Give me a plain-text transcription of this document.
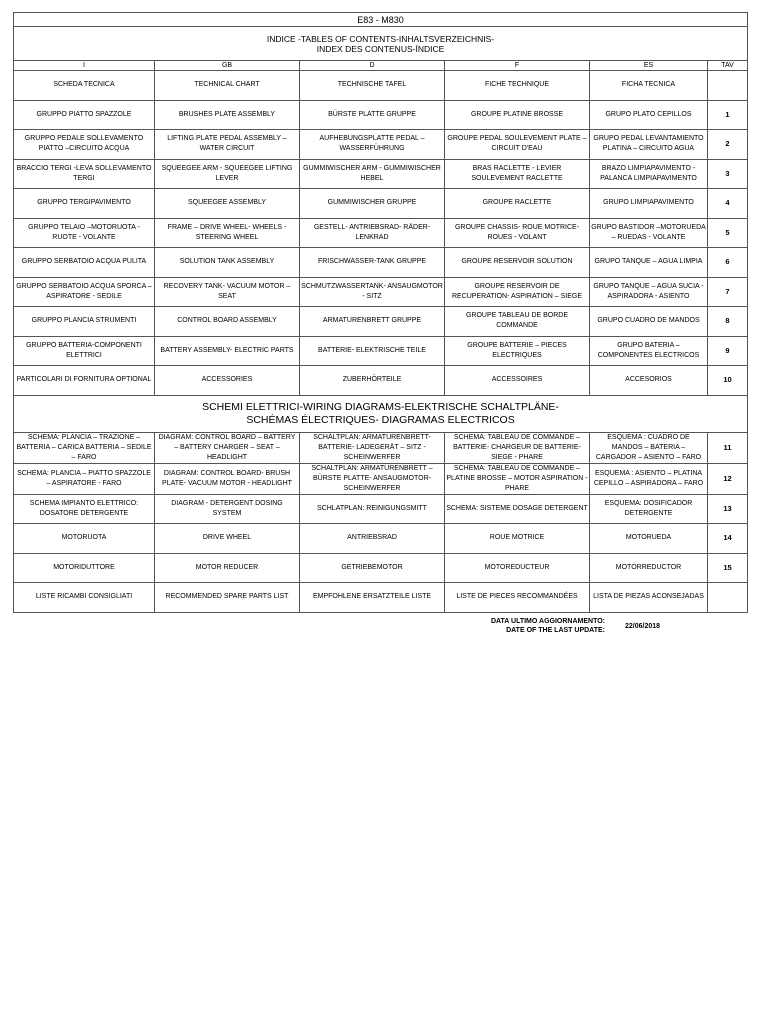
E83 - M830					

INDICE -TABLES OF CONTENTS-INHALTSVERZEICHNIS-
INDEX DES CONTENUS-ÍNDICE					

I	GB	D	F	ES	TAV
SCHEDA TECNICA	TECHNICAL CHART	TECHNISCHE TAFEL	FICHE TECHNIQUE	FICHA TECNICA	
GRUPPO PIATTO SPAZZOLE	BRUSHES PLATE ASSEMBLY	BÜRSTE PLATTE GRUPPE	GROUPE PLATINE BROSSE	GRUPO PLATO CEPILLOS	1
GRUPPO PEDALE SOLLEVAMENTO PIATTO –CIRCUITO ACQUA	LIFTING PLATE PEDAL ASSEMBLY – WATER CIRCUIT	AUFHEBUNGSPLATTE PEDAL – WASSERFÜHRUNG	GROUPE PEDAL SOULEVEMENT PLATE – CIRCUIT D'EAU	GRUPO PEDAL LEVANTAMIENTO PLATINA – CIRCUITO AGUA	2
BRACCIO TERGI -LEVA SOLLEVAMENTO TERGI	SQUEEGEE ARM - SQUEEGEE LIFTING LEVER	GUMMIWISCHER ARM - GUMMIWISCHER HEBEL	BRAS RACLETTE - LEVIER SOULEVEMENT RACLETTE	BRAZO LIMPIAPAVIMENTO - PALANCA LIMPIAPAVIMENTO	3
GRUPPO TERGIPAVIMENTO	SQUEEGEE ASSEMBLY	GUMMIWISCHER GRUPPE	GROUPE RACLETTE	GRUPO LIMPIAPAVIMENTO	4
GRUPPO TELAIO –MOTORUOTA - RUOTE - VOLANTE	FRAME – DRIVE WHEEL- WHEELS - STEERING WHEEL	GESTELL- ANTRIEBSRAD- RÄDER- LENKRAD	GROUPE CHASSIS- ROUE MOTRICE- ROUES - VOLANT	GRUPO BASTIDOR –MOTORUEDA – RUEDAS - VOLANTE	5
GRUPPO SERBATOIO ACQUA PULITA	SOLUTION TANK ASSEMBLY	FRISCHWASSER-TANK GRUPPE	GROUPE RESERVOIR SOLUTION	GRUPO TANQUE – AGUA LIMPIA	6
GRUPPO SERBATOIO ACQUA SPORCA – ASPIRATORE - SEDILE	RECOVERY TANK- VACUUM MOTOR – SEAT	SCHMUTZWASSERTANK- ANSAUGMOTOR - SITZ	GROUPE RESERVOIR DE RECUPERATION- ASPIRATION – SIEGE	GRUPO TANQUE – AGUA SUCIA - ASPIRADORA - ASIENTO	7
GRUPPO PLANCIA STRUMENTI	CONTROL BOARD ASSEMBLY	ARMATURENBRETT GRUPPE	GROUPE TABLEAU DE BORDE COMMANDE	GRUPO CUADRO DE MANDOS	8
GRUPPO BATTERIA-COMPONENTI ELETTRICI	BATTERY ASSEMBLY- ELECTRIC PARTS	BATTERIE- ELEKTRISCHE TEILE	GROUPE BATTERIE – PIECES ELECTRIQUES	GRUPO BATERIA – COMPONENTES ELECTRICOS	9
PARTICOLARI DI FORNITURA OPTIONAL	ACCESSORIES	ZUBERHÖRTEILE	ACCESSOIRES	ACCESORIOS	10

SCHEMI ELETTRICI-WIRING DIAGRAMS-ELEKTRISCHE SCHALTPLÄNE-
SCHÉMAS ÉLECTRIQUES- DIAGRAMAS ELECTRICOS					

SCHEMA: PLANCIA – TRAZIONE – BATTERIA – CARICA BATTERIA – SEDILE – FARO	DIAGRAM: CONTROL BOARD – BATTERY – BATTERY CHARGER – SEAT – HEADLIGHT	SCHALTPLAN: ARMATURENBRETT- BATTERIE- LADEGERÄT – SITZ - SCHEINWERFER	SCHEMA: TABLEAU DE COMMANDE – BATTERIE- CHARGEUR DE BATTERIE- SIEGE - PHARE	ESQUEMA : CUADRO DE MANDOS – BATERIA – CARGADOR – ASIENTO – FARO	11
SCHEMA: PLANCIA – PIATTO SPAZZOLE – ASPIRATORE - FARO	DIAGRAM: CONTROL BOARD- BRUSH PLATE- VACUUM MOTOR - HEADLIGHT	SCHALTPLAN: ARMATURENBRETT – BÜRSTE PLATTE- ANSAUGMOTOR- SCHEINWERFER	SCHEMA: TABLEAU DE COMMANDE – PLATINE BROSSE – MOTOR ASPIRATION - PHARE	ESQUEMA : ASIENTO – PLATINA CEPILLO – ASPIRADORA – FARO	12
SCHEMA IMPIANTO ELETTRICO: DOSATORE DETERGENTE	DIAGRAM - DETERGENT DOSING SYSTEM	SCHLATPLAN: REINIGUNGSMITT	SCHEMA: SISTEME DOSAGE DETERGENT	ESQUEMA: DOSIFICADOR DETERGENTE	13
MOTORUOTA	DRIVE WHEEL	ANTRIEBSRAD	ROUE MOTRICE	MOTORUEDA	14
MOTORIDUTTORE	MOTOR REDUCER	GETRIEBEMOTOR	MOTOREDUCTEUR	MOTORREDUCTOR	15
LISTE RICAMBI CONSIGLIATI	RECOMMENDED SPARE PARTS LIST	EMPFOHLENE ERSATZTEILE LISTE	LISTE DE PIECES RECOMMANDÉES	LISTA DE PIEZAS ACONSEJADAS	
DATA ULTIMO AGGIORNAMENTO:
DATE OF THE LAST UPDATE:
22/06/2018
